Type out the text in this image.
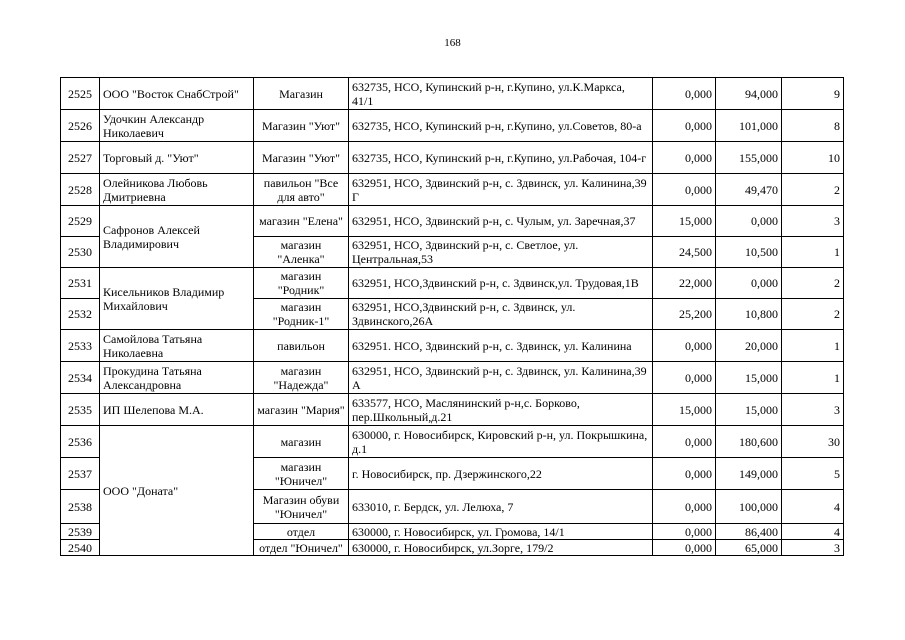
168
2525	ООО "Восток СнабСтрой"	Магазин	632735, НСО, Купинский р-н, г.Купино, ул.К.Маркса, 41/1	0,000	94,000	9
2526	Удочкин Александр Николаевич	Магазин "Уют"	632735, НСО, Купинский р-н, г.Купино, ул.Советов, 80-а	0,000	101,000	8
2527	Торговый д. "Уют"	Магазин "Уют"	632735, НСО, Купинский р-н, г.Купино, ул.Рабочая, 104-г	0,000	155,000	10
2528	Олейникова Любовь Дмитриевна	павильон "Все для авто"	632951, НСО, Здвинский р-н, с. Здвинск, ул. Калинина,39 Г	0,000	49,470	2
2529	Сафронов Алексей Владимирович	магазин "Елена"	632951, НСО, Здвинский р-н, с. Чулым, ул. Заречная,37	15,000	0,000	3
2530		магазин "Аленка"	632951, НСО, Здвинский р-н, с. Светлое, ул. Центральная,53	24,500	10,500	1
2531	Кисельников Владимир Михайлович	магазин "Родник"	632951, НСО,Здвинский р-н, с. Здвинск,ул. Трудовая,1В	22,000	0,000	2
2532		магазин "Родник-1"	632951, НСО,Здвинский р-н, с. Здвинск, ул. Здвинского,26А	25,200	10,800	2
2533	Самойлова Татьяна Николаевна	павильон	632951. НСО, Здвинский р-н, с. Здвинск, ул. Калинина	0,000	20,000	1
2534	Прокудина Татьяна Александровна	магазин "Надежда"	632951, НСО, Здвинский р-н, с. Здвинск, ул. Калинина,39 А	0,000	15,000	1
2535	ИП Шелепова М.А.	магазин "Мария"	633577, НСО, Маслянинский р-н,с. Борково, пер.Школьный,д.21	15,000	15,000	3
2536	ООО "Доната"	магазин	630000, г. Новосибирск, Кировский р-н, ул. Покрышкина, д.1	0,000	180,600	30
2537		магазин "Юничел"	г. Новосибирск, пр. Дзержинского,22	0,000	149,000	5
2538		Магазин обуви "Юничел"	633010, г. Бердск, ул. Лелюха, 7	0,000	100,000	4
2539		отдел	630000, г. Новосибирск, ул. Громова, 14/1	0,000	86,400	4
2540		отдел "Юничел"	630000, г. Новосибирск, ул.Зорге, 179/2	0,000	65,000	3
